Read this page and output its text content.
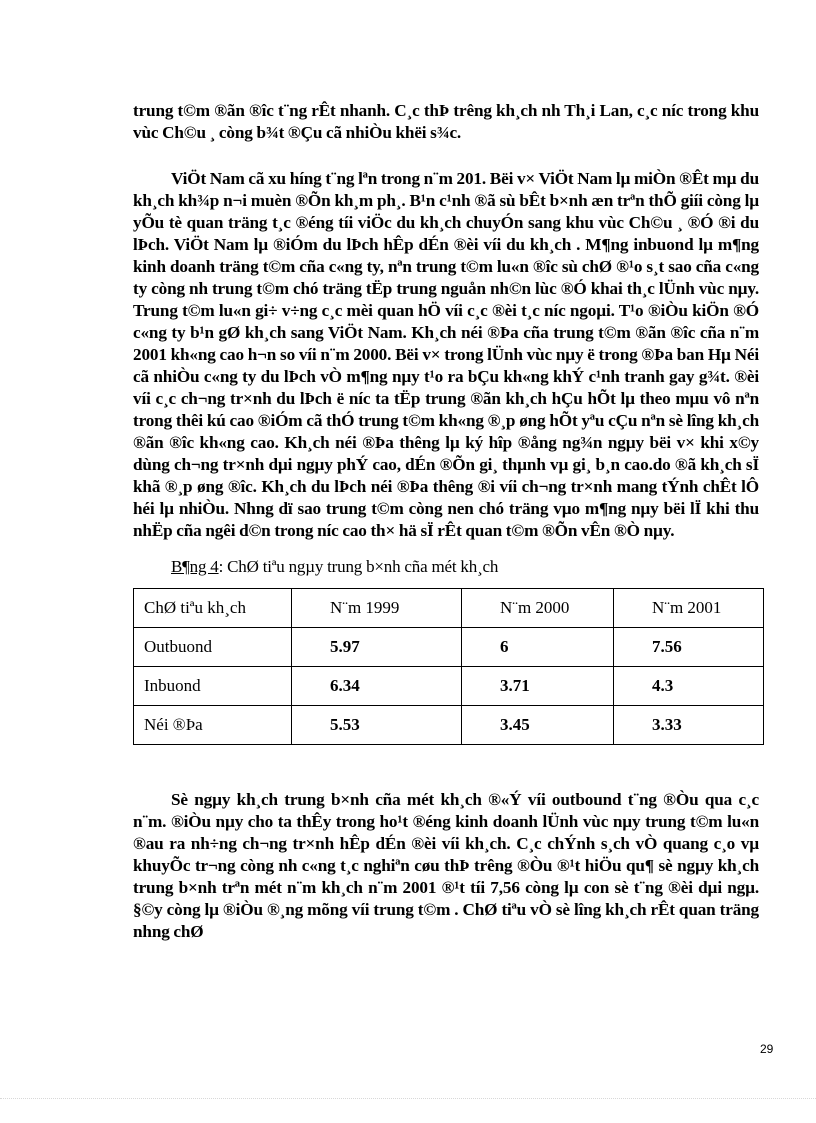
trung t©m ®ãn ®îc t¨ng rÊt nhanh. C¸c thÞ trêng kh¸ch nh Th¸i Lan, c¸c níc trong khu vùc Ch©u ¸ còng b¾t ®Çu cã nhiÒu khëi s¾c.

ViÖt Nam cã xu híng t¨ng lªn trong n¨m 201. Bëi v× ViÖt Nam lµ miÒn ®Êt mµ du kh¸ch kh¾p n¬i muèn ®Õn kh¸m ph¸. B¹n c¹nh ®ã sù bÊt b×nh æn trªn thÕ giíi còng lµ yÕu tè quan träng t¸c ®éng tíi viÖc du kh¸ch chuyÓn sang khu vùc Ch©u ¸ ®Ó ®i du lÞch. ViÖt Nam lµ ®iÓm du lÞch hÊp dÉn ®èi víi du kh¸ch . M¶ng inbuond lµ m¶ng kinh doanh träng t©m cña c«ng ty, nªn trung t©m lu«n ®îc sù chØ ®¹o s¸t sao cña c«ng ty còng nh trung t©m chó träng tËp trung nguån nh©n lùc ®Ó khai th¸c lÜnh vùc nµy. Trung t©m lu«n gi÷ v÷ng c¸c mèi quan hÖ víi c¸c ®èi t¸c níc ngoµi. T¹o ®iÒu kiÖn ®Ó c«ng ty b¹n gØ kh¸ch sang ViÖt Nam. Kh¸ch néi ®Þa cña trung t©m ®ãn ®îc cña n¨m 2001 kh«ng cao h¬n so víi n¨m 2000. Bëi v× trong lÜnh vùc nµy ë trong ®Þa ban Hµ Néi cã nhiÒu c«ng ty du lÞch vÒ m¶ng nµy t¹o ra bÇu kh«ng khÝ c¹nh tranh gay g¾t. ®èi víi c¸c ch¬ng tr×nh du lÞch ë níc ta tËp trung ®ãn kh¸ch hÇu hÕt lµ theo mµu vô nªn trong thêi kú cao ®iÓm cã thÓ trung t©m kh«ng ®¸p øng hÕt yªu cÇu nªn sè lîng kh¸ch ®ãn ®îc kh«ng cao. Kh¸ch néi ®Þa thêng lµ ký hîp ®ång ng¾n ngµy bëi v× khi x©y dùng ch¬ng tr×nh dµi ngµy phÝ cao, dÉn ®Õn gi¸ thµnh vµ gi¸ b¸n cao.do ®ã kh¸ch sÏ khã ®¸p øng ®îc. Kh¸ch du lÞch néi ®Þa thêng ®i víi ch¬ng tr×nh mang tÝnh chÊt lÔ héi lµ nhiÒu. Nhng dï sao trung t©m còng nen chó träng vµo m¶ng nµy bëi lÏ khi thu nhËp cña ngêi d©n trong níc cao th× hä sÏ rÊt quan t©m ®Õn vÊn ®Ò nµy.

B¶ng 4: ChØ tiªu ngµy trung b×nh cña mét kh¸ch

ChØ tiªu kh¸ch	N¨m 1999	N¨m 2000	N¨m 2001
Outbuond	5.97	6	7.56
Inbuond	6.34	3.71	4.3
Néi ®Þa	5.53	3.45	3.33

Sè ngµy kh¸ch trung b×nh cña mét kh¸ch ®«Ý víi outbound t¨ng ®Òu qua c¸c n¨m. ®iÒu nµy cho ta thÊy trong ho¹t ®éng kinh doanh lÜnh vùc nµy trung t©m lu«n ®au ra nh÷ng ch¬ng tr×nh hÊp dÉn ®èi víi kh¸ch. C¸c chÝnh s¸ch vÒ quang c¸o vµ khuyÕc tr¬ng còng nh c«ng t¸c nghiªn cøu thÞ trêng ®Òu ®¹t hiÖu qu¶ sè ngµy kh¸ch trung b×nh trªn mét n¨m kh¸ch n¨m 2001 ®¹t tíi 7,56 còng lµ con sè t¨ng ®èi dµi ngµ. §©y còng lµ ®iÒu ®¸ng mõng víi trung t©m . ChØ tiªu vÒ sè lîng kh¸ch rÊt quan träng nhng chØ

29
